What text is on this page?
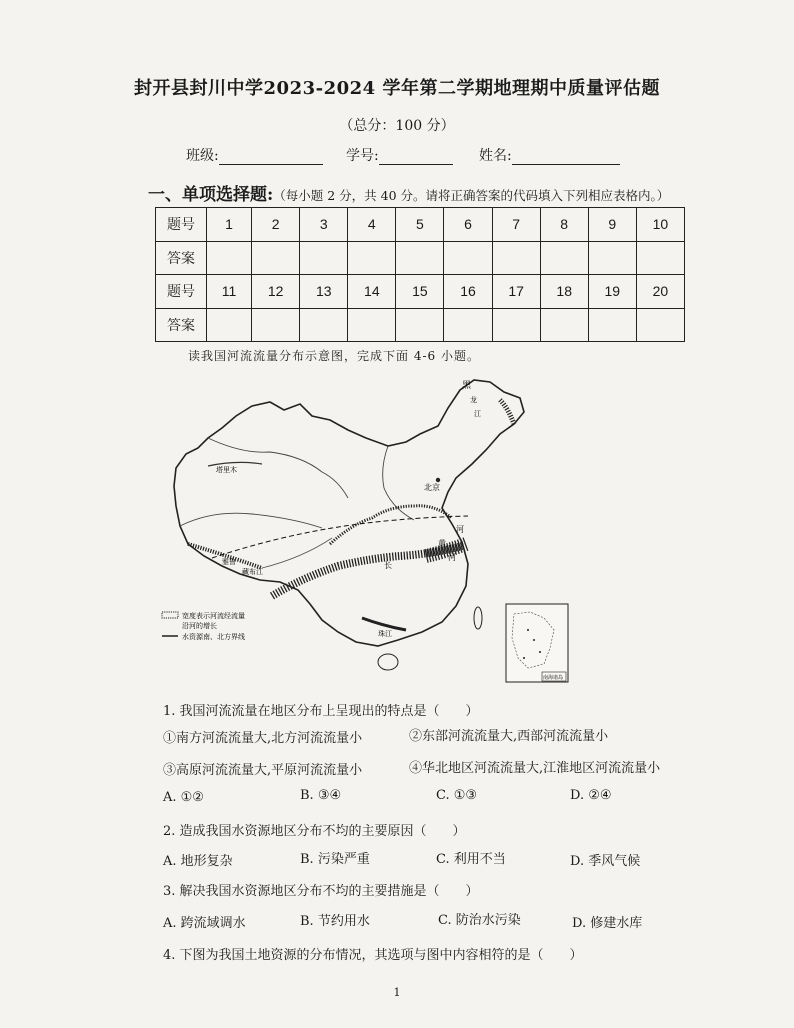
封开县封川中学2023-2024 学年第二学期地理期中质量评估题
（总分：100 分）
班级:	学号:	姓名:
一、单项选择题:（每小题 2 分，共 40 分。请将正确答案的代码填入下列相应表格内。）
题号	1	2	3	4	5	6	7	8	9	10
答案										
题号	11	12	13	14	15	16	17	18	19	20
答案										
读我国河流流量分布示意图，完成下面 4-6 小题。
黑
龙
江
北京
河
黄
河
塔里木
雅鲁
藏布江
长
珠江
宽度表示河流经流量
沿河的增长
水资源南、北方界线
南海诸岛
1. 我国河流流量在地区分布上呈现出的特点是（　　）
①南方河流流量大,北方河流流量小	②东部河流流量大,西部河流流量小
③高原河流流量大,平原河流流量小	④华北地区河流流量大,江淮地区河流流量小
A. ①②	B. ③④	C. ①③	D. ②④
2. 造成我国水资源地区分布不均的主要原因（　　）
A. 地形复杂	B. 污染严重	C. 利用不当	D. 季风气候
3. 解决我国水资源地区分布不均的主要措施是（　　）
A. 跨流域调水	B. 节约用水	C. 防治水污染	D. 修建水库
4. 下图为我国土地资源的分布情况，其选项与图中内容相符的是（　　）
1
